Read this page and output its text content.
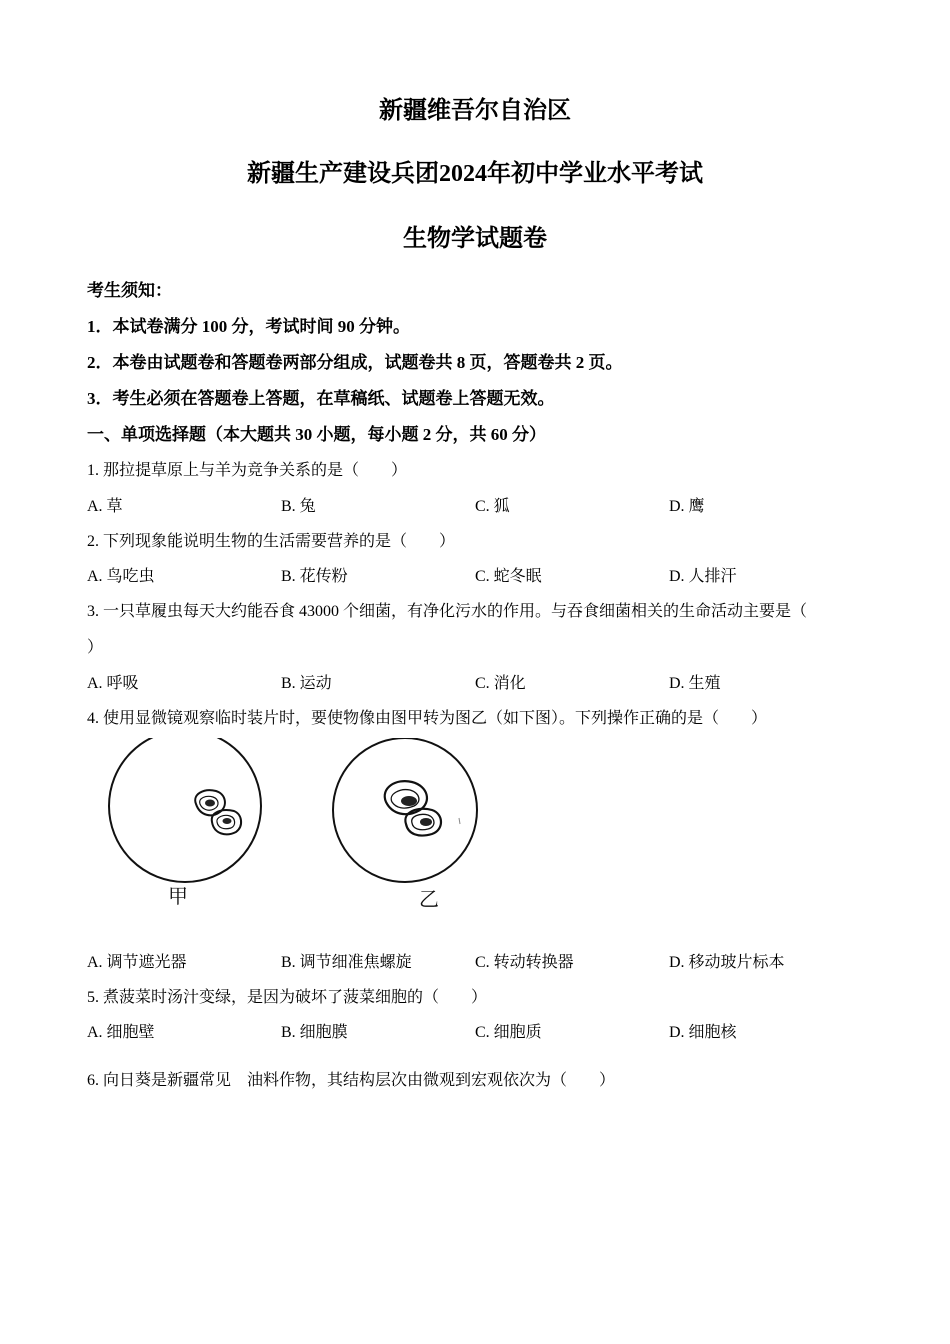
新疆维吾尔自治区
新疆生产建设兵团2024年初中学业水平考试
生物学试题卷
考生须知：
1．本试卷满分 100 分，考试时间 90 分钟。
2．本卷由试题卷和答题卷两部分组成，试题卷共 8 页，答题卷共 2 页。
3．考生必须在答题卷上答题，在草稿纸、试题卷上答题无效。
一、单项选择题（本大题共 30 小题，每小题 2 分，共 60 分）
1. 那拉提草原上与羊为竞争关系的是（　　）
A. 草	B. 兔	C. 狐	D. 鹰
2. 下列现象能说明生物的生活需要营养的是（　　）
A. 鸟吃虫	B. 花传粉	C. 蛇冬眠	D. 人排汗
3. 一只草履虫每天大约能吞食 43000 个细菌，有净化污水的作用。与吞食细菌相关的生命活动主要是（
）
A. 呼吸	B. 运动	C. 消化	D. 生殖
4. 使用显微镜观察临时装片时，要使物像由图甲转为图乙（如下图）。下列操作正确的是（　　）
甲	乙
A. 调节遮光器	B. 调节细准焦螺旋	C. 转动转换器	D. 移动玻片标本
5. 煮菠菜时汤汁变绿，是因为破坏了菠菜细胞的（　　）
A. 细胞壁	B. 细胞膜	C. 细胞质	D. 细胞核
6. 向日葵是新疆常见　油料作物，其结构层次由微观到宏观依次为（　　）
